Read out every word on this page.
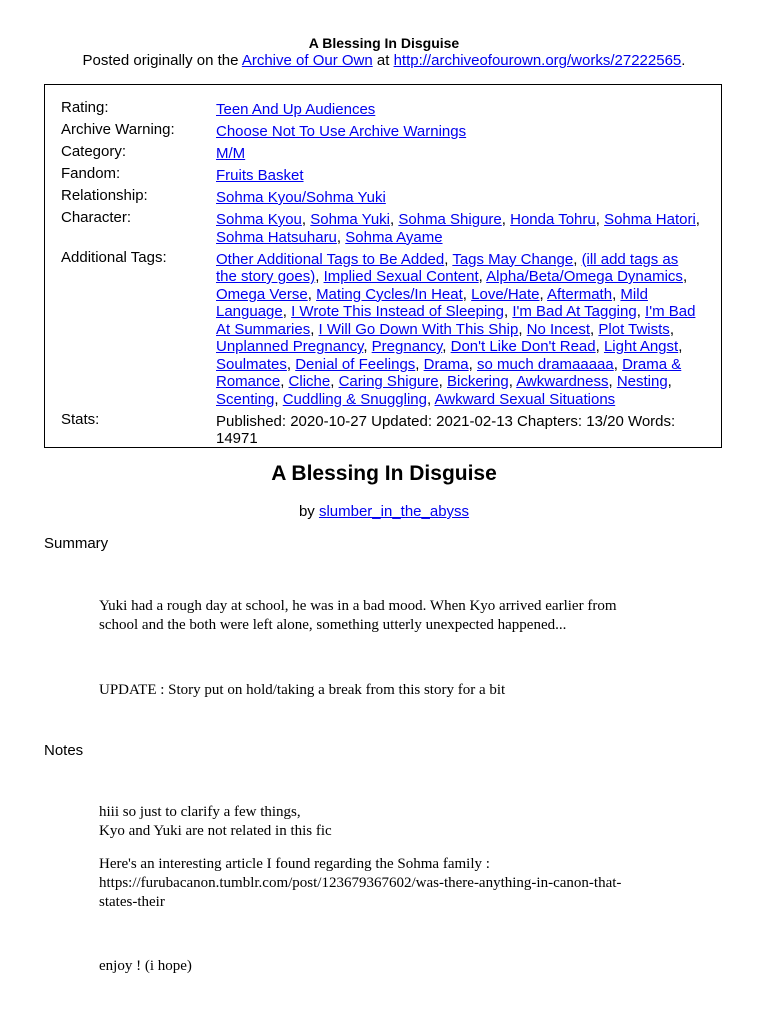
A Blessing In Disguise
Posted originally on the Archive of Our Own at http://archiveofourown.org/works/27222565.
Rating:	Teen And Up Audiences
Archive Warning:	Choose Not To Use Archive Warnings
Category:	M/M
Fandom:	Fruits Basket
Relationship:	Sohma Kyou/Sohma Yuki
Character:	Sohma Kyou, Sohma Yuki, Sohma Shigure, Honda Tohru, Sohma Hatori, Sohma Hatsuharu, Sohma Ayame
Additional Tags:	Other Additional Tags to Be Added, Tags May Change, (ill add tags as the story goes), Implied Sexual Content, Alpha/Beta/Omega Dynamics, Omega Verse, Mating Cycles/In Heat, Love/Hate, Aftermath, Mild Language, I Wrote This Instead of Sleeping, I'm Bad At Tagging, I'm Bad At Summaries, I Will Go Down With This Ship, No Incest, Plot Twists, Unplanned Pregnancy, Pregnancy, Don't Like Don't Read, Light Angst, Soulmates, Denial of Feelings, Drama, so much dramaaaaa, Drama & Romance, Cliche, Caring Shigure, Bickering, Awkwardness, Nesting, Scenting, Cuddling & Snuggling, Awkward Sexual Situations
Stats:	Published: 2020-10-27 Updated: 2021-02-13 Chapters: 13/20 Words: 14971
A Blessing In Disguise
by slumber_in_the_abyss
Summary
Yuki had a rough day at school, he was in a bad mood. When Kyo arrived earlier from school and the both were left alone, something utterly unexpected happened...
UPDATE : Story put on hold/taking a break from this story for a bit
Notes
hiii so just to clarify a few things,
Kyo and Yuki are not related in this fic
Here's an interesting article I found regarding the Sohma family : https://furubacanon.tumblr.com/post/123679367602/was-there-anything-in-canon-that-states-their
enjoy ! (i hope)
